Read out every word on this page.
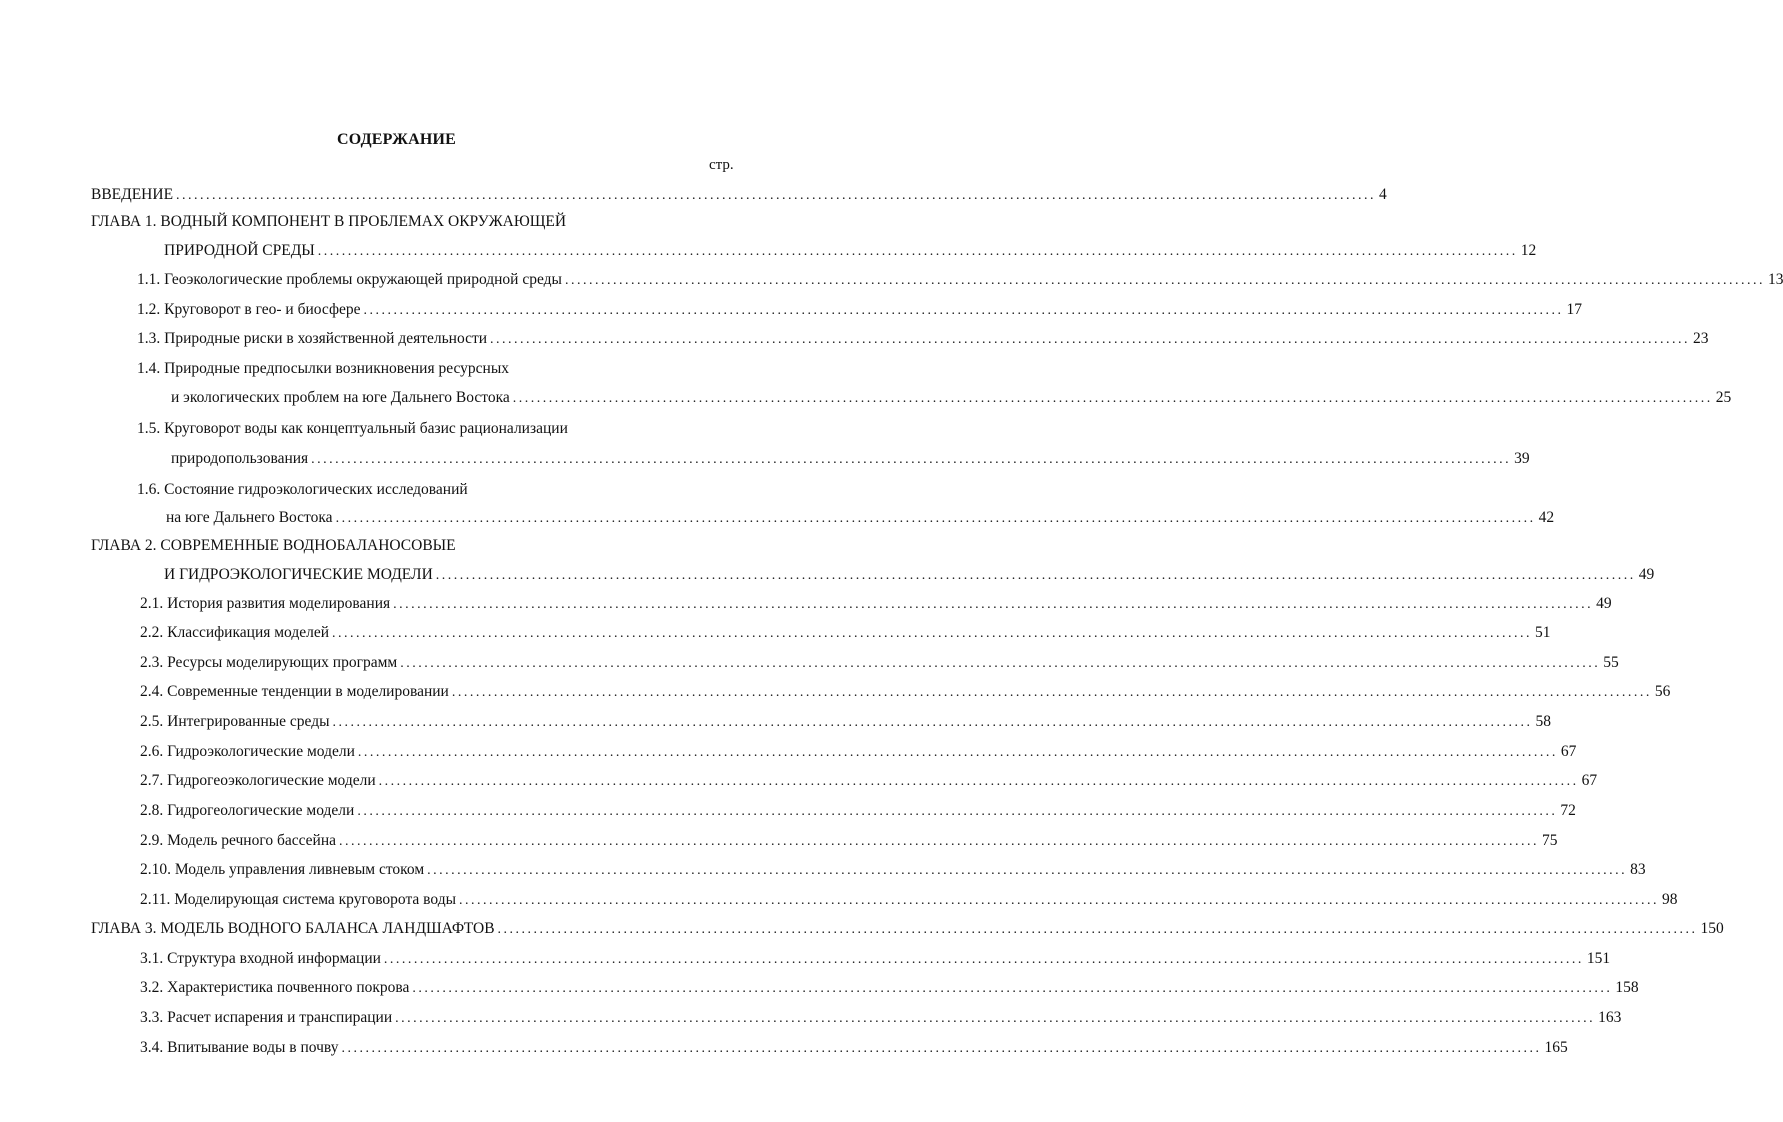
СОДЕРЖАНИЕ
стр.
ВВЕДЕНИЕ ........................................................................................................................................................................................................ 4
ГЛАВА 1. ВОДНЫЙ КОМПОНЕНТ В ПРОБЛЕМАХ ОКРУЖАЮЩЕЙ
ПРИРОДНОЙ СРЕДЫ ........................................................................................................................................................................................................ 12
1.1. Геоэкологические проблемы окружающей природной среды ........................................................................................................................................................................................................ 13
1.2. Круговорот в гео- и биосфере ........................................................................................................................................................................................................ 17
1.3. Природные риски в хозяйственной деятельности ........................................................................................................................................................................................................ 23
1.4. Природные предпосылки возникновения ресурсных
и экологических проблем на юге Дальнего Востока ........................................................................................................................................................................................................ 25
1.5. Круговорот воды как концептуальный базис рационализации
природопользования ........................................................................................................................................................................................................ 39
1.6. Состояние гидроэкологических исследований
на юге Дальнего Востока ........................................................................................................................................................................................................ 42
ГЛАВА 2. СОВРЕМЕННЫЕ ВОДНОБАЛАНОСОВЫЕ
И ГИДРОЭКОЛОГИЧЕСКИЕ МОДЕЛИ ........................................................................................................................................................................................................ 49
2.1. История развития моделирования ........................................................................................................................................................................................................ 49
2.2. Классификация моделей ........................................................................................................................................................................................................ 51
2.3. Ресурсы моделирующих программ ........................................................................................................................................................................................................ 55
2.4. Современные тенденции в моделировании ........................................................................................................................................................................................................ 56
2.5. Интегрированные среды ........................................................................................................................................................................................................ 58
2.6. Гидроэкологические модели ........................................................................................................................................................................................................ 67
2.7. Гидрогеоэкологические модели ........................................................................................................................................................................................................ 67
2.8. Гидрогеологические модели ........................................................................................................................................................................................................ 72
2.9. Модель речного бассейна ........................................................................................................................................................................................................ 75
2.10. Модель управления ливневым стоком ........................................................................................................................................................................................................ 83
2.11. Моделирующая система круговорота воды ........................................................................................................................................................................................................ 98
ГЛАВА 3. МОДЕЛЬ ВОДНОГО БАЛАНСА ЛАНДШАФТОВ ........................................................................................................................................................................................................ 150
3.1. Структура входной информации ........................................................................................................................................................................................................ 151
3.2. Характеристика почвенного покрова ........................................................................................................................................................................................................ 158
3.3. Расчет испарения и транспирации ........................................................................................................................................................................................................ 163
3.4. Впитывание воды в почву ........................................................................................................................................................................................................ 165
